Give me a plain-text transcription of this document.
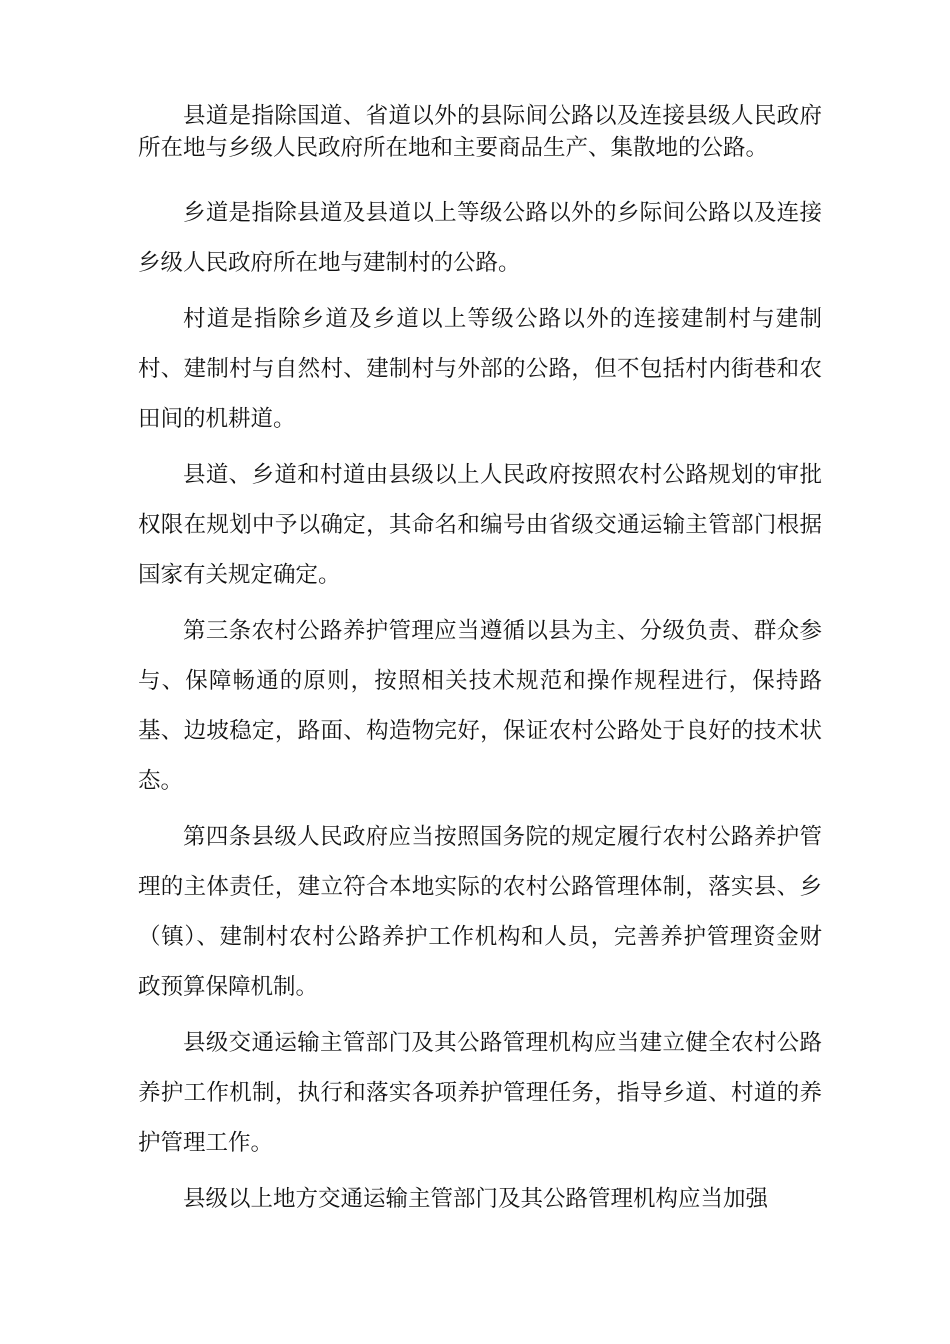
县道是指除国道、省道以外的县际间公路以及连接县级人民政府所在地与乡级人民政府所在地和主要商品生产、集散地的公路。

乡道是指除县道及县道以上等级公路以外的乡际间公路以及连接乡级人民政府所在地与建制村的公路。

村道是指除乡道及乡道以上等级公路以外的连接建制村与建制村、建制村与自然村、建制村与外部的公路，但不包括村内街巷和农田间的机耕道。

县道、乡道和村道由县级以上人民政府按照农村公路规划的审批权限在规划中予以确定，其命名和编号由省级交通运输主管部门根据国家有关规定确定。

第三条农村公路养护管理应当遵循以县为主、分级负责、群众参与、保障畅通的原则，按照相关技术规范和操作规程进行，保持路基、边坡稳定，路面、构造物完好，保证农村公路处于良好的技术状态。

第四条县级人民政府应当按照国务院的规定履行农村公路养护管理的主体责任，建立符合本地实际的农村公路管理体制，落实县、乡（镇）、建制村农村公路养护工作机构和人员，完善养护管理资金财政预算保障机制。

县级交通运输主管部门及其公路管理机构应当建立健全农村公路养护工作机制，执行和落实各项养护管理任务，指导乡道、村道的养护管理工作。

县级以上地方交通运输主管部门及其公路管理机构应当加强
